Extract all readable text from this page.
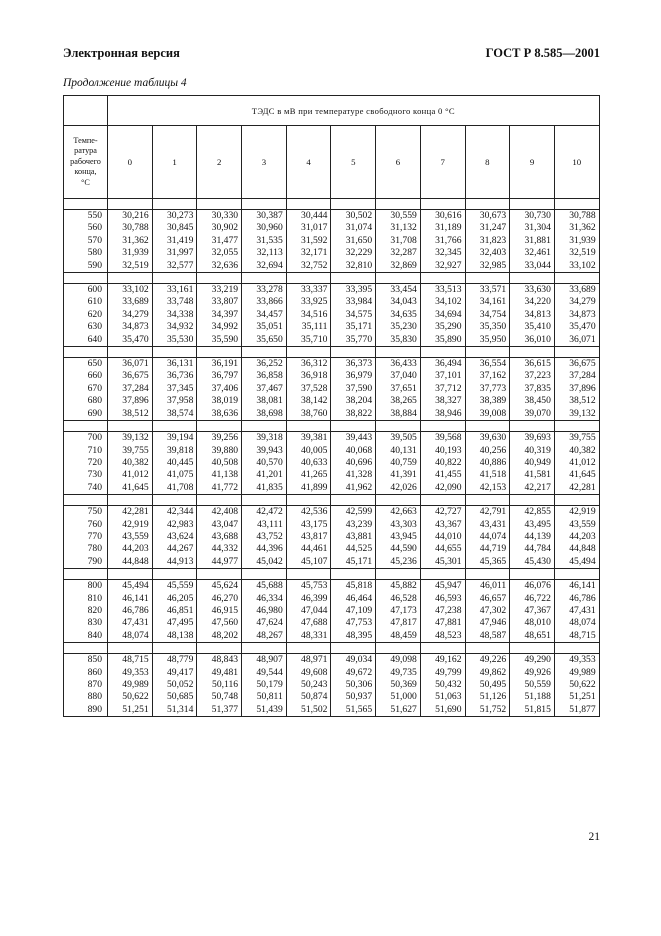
Электронная версия	ГОСТ Р 8.585—2001
Продолжение таблицы 4
	ТЭДС в мВ при температуре свободного конца 0 °С										
Темпе-
ратура
рабочего
конца,
°С	0	1	2	3	4	5	6	7	8	9	10

550	30,216	30,273	30,330	30,387	30,444	30,502	30,559	30,616	30,673	30,730	30,788
560	30,788	30,845	30,902	30,960	31,017	31,074	31,132	31,189	31,247	31,304	31,362
570	31,362	31,419	31,477	31,535	31,592	31,650	31,708	31,766	31,823	31,881	31,939
580	31,939	31,997	32,055	32,113	32,171	32,229	32,287	32,345	32,403	32,461	32,519
590	32,519	32,577	32,636	32,694	32,752	32,810	32,869	32,927	32,985	33,044	33,102

600	33,102	33,161	33,219	33,278	33,337	33,395	33,454	33,513	33,571	33,630	33,689
610	33,689	33,748	33,807	33,866	33,925	33,984	34,043	34,102	34,161	34,220	34,279
620	34,279	34,338	34,397	34,457	34,516	34,575	34,635	34,694	34,754	34,813	34,873
630	34,873	34,932	34,992	35,051	35,111	35,171	35,230	35,290	35,350	35,410	35,470
640	35,470	35,530	35,590	35,650	35,710	35,770	35,830	35,890	35,950	36,010	36,071

650	36,071	36,131	36,191	36,252	36,312	36,373	36,433	36,494	36,554	36,615	36,675
660	36,675	36,736	36,797	36,858	36,918	36,979	37,040	37,101	37,162	37,223	37,284
670	37,284	37,345	37,406	37,467	37,528	37,590	37,651	37,712	37,773	37,835	37,896
680	37,896	37,958	38,019	38,081	38,142	38,204	38,265	38,327	38,389	38,450	38,512
690	38,512	38,574	38,636	38,698	38,760	38,822	38,884	38,946	39,008	39,070	39,132

700	39,132	39,194	39,256	39,318	39,381	39,443	39,505	39,568	39,630	39,693	39,755
710	39,755	39,818	39,880	39,943	40,005	40,068	40,131	40,193	40,256	40,319	40,382
720	40,382	40,445	40,508	40,570	40,633	40,696	40,759	40,822	40,886	40,949	41,012
730	41,012	41,075	41,138	41,201	41,265	41,328	41,391	41,455	41,518	41,581	41,645
740	41,645	41,708	41,772	41,835	41,899	41,962	42,026	42,090	42,153	42,217	42,281

750	42,281	42,344	42,408	42,472	42,536	42,599	42,663	42,727	42,791	42,855	42,919
760	42,919	42,983	43,047	43,111	43,175	43,239	43,303	43,367	43,431	43,495	43,559
770	43,559	43,624	43,688	43,752	43,817	43,881	43,945	44,010	44,074	44,139	44,203
780	44,203	44,267	44,332	44,396	44,461	44,525	44,590	44,655	44,719	44,784	44,848
790	44,848	44,913	44,977	45,042	45,107	45,171	45,236	45,301	45,365	45,430	45,494

800	45,494	45,559	45,624	45,688	45,753	45,818	45,882	45,947	46,011	46,076	46,141
810	46,141	46,205	46,270	46,334	46,399	46,464	46,528	46,593	46,657	46,722	46,786
820	46,786	46,851	46,915	46,980	47,044	47,109	47,173	47,238	47,302	47,367	47,431
830	47,431	47,495	47,560	47,624	47,688	47,753	47,817	47,881	47,946	48,010	48,074
840	48,074	48,138	48,202	48,267	48,331	48,395	48,459	48,523	48,587	48,651	48,715

850	48,715	48,779	48,843	48,907	48,971	49,034	49,098	49,162	49,226	49,290	49,353
860	49,353	49,417	49,481	49,544	49,608	49,672	49,735	49,799	49,862	49,926	49,989
870	49,989	50,052	50,116	50,179	50,243	50,306	50,369	50,432	50,495	50,559	50,622
880	50,622	50,685	50,748	50,811	50,874	50,937	51,000	51,063	51,126	51,188	51,251
890	51,251	51,314	51,377	51,439	51,502	51,565	51,627	51,690	51,752	51,815	51,877
21
